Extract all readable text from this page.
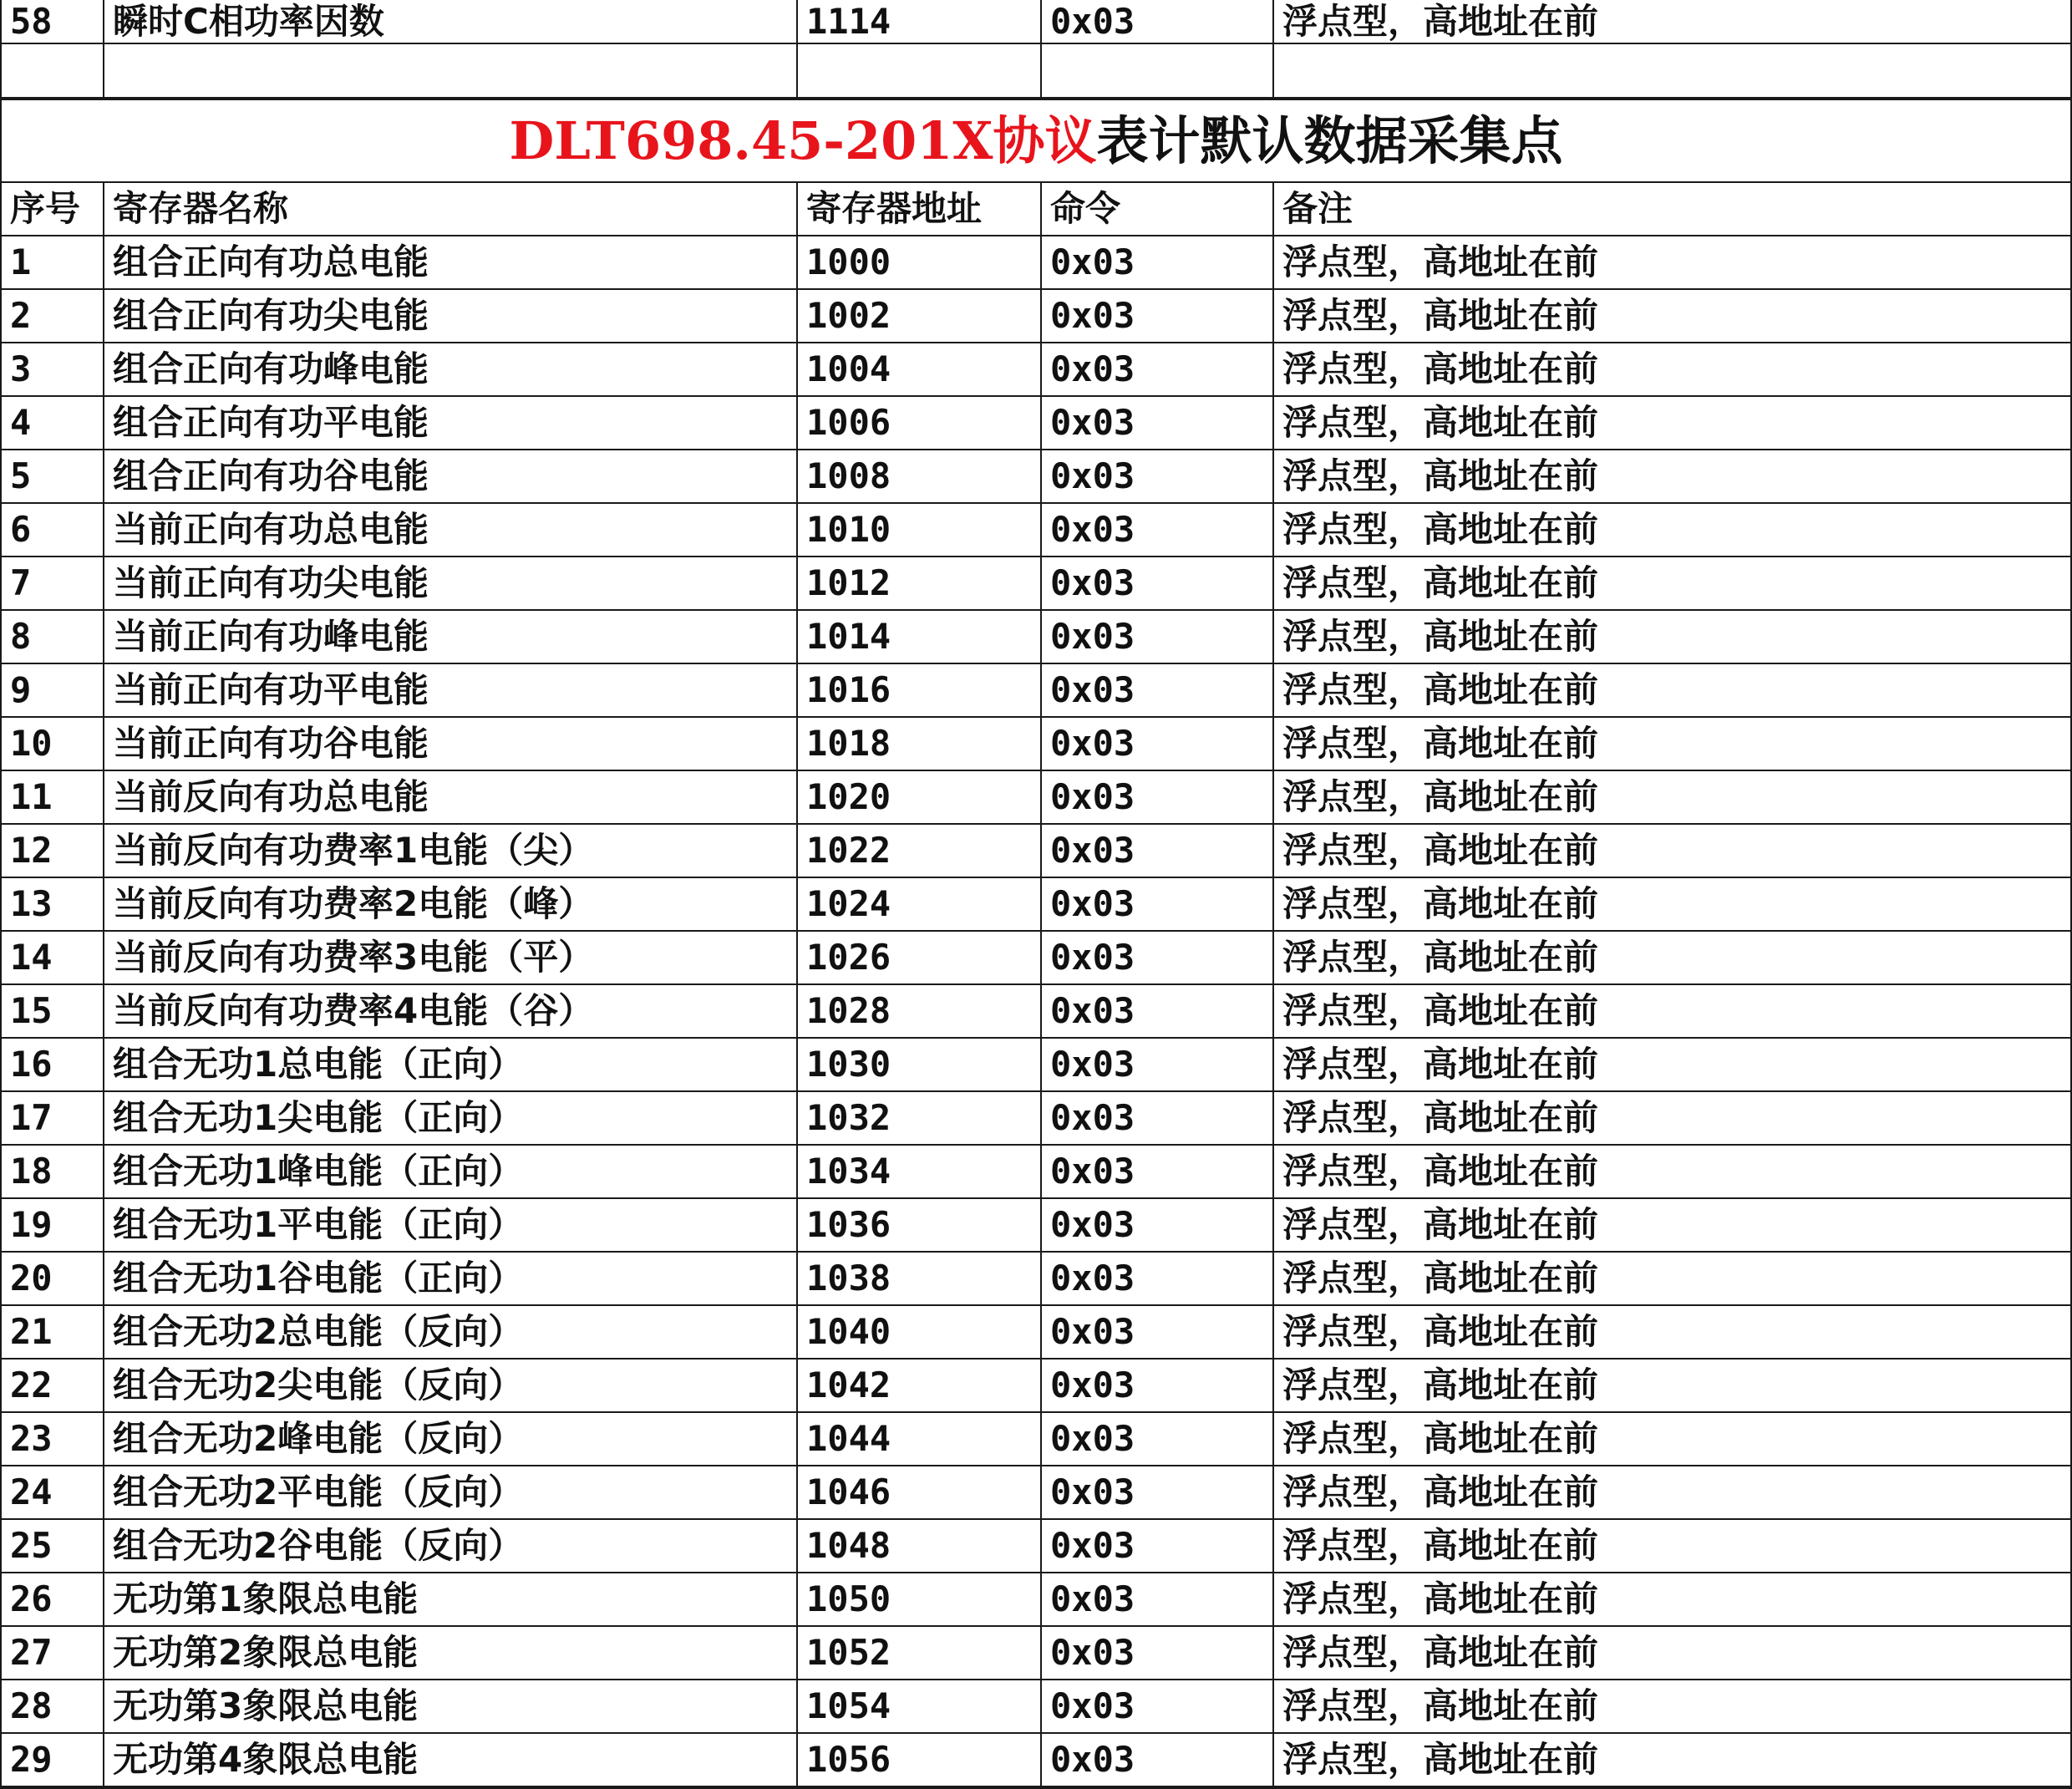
58	瞬时C相功率因数	1114	0x03	浮点型，高地址在前

DLT698.45-201X协议表计默认数据采集点				
序号	寄存器名称	寄存器地址	命令	备注
1	组合正向有功总电能	1000	0x03	浮点型，高地址在前
2	组合正向有功尖电能	1002	0x03	浮点型，高地址在前
3	组合正向有功峰电能	1004	0x03	浮点型，高地址在前
4	组合正向有功平电能	1006	0x03	浮点型，高地址在前
5	组合正向有功谷电能	1008	0x03	浮点型，高地址在前
6	当前正向有功总电能	1010	0x03	浮点型，高地址在前
7	当前正向有功尖电能	1012	0x03	浮点型，高地址在前
8	当前正向有功峰电能	1014	0x03	浮点型，高地址在前
9	当前正向有功平电能	1016	0x03	浮点型，高地址在前
10	当前正向有功谷电能	1018	0x03	浮点型，高地址在前
11	当前反向有功总电能	1020	0x03	浮点型，高地址在前
12	当前反向有功费率1电能（尖）	1022	0x03	浮点型，高地址在前
13	当前反向有功费率2电能（峰）	1024	0x03	浮点型，高地址在前
14	当前反向有功费率3电能（平）	1026	0x03	浮点型，高地址在前
15	当前反向有功费率4电能（谷）	1028	0x03	浮点型，高地址在前
16	组合无功1总电能（正向）	1030	0x03	浮点型，高地址在前
17	组合无功1尖电能（正向）	1032	0x03	浮点型，高地址在前
18	组合无功1峰电能（正向）	1034	0x03	浮点型，高地址在前
19	组合无功1平电能（正向）	1036	0x03	浮点型，高地址在前
20	组合无功1谷电能（正向）	1038	0x03	浮点型，高地址在前
21	组合无功2总电能（反向）	1040	0x03	浮点型，高地址在前
22	组合无功2尖电能（反向）	1042	0x03	浮点型，高地址在前
23	组合无功2峰电能（反向）	1044	0x03	浮点型，高地址在前
24	组合无功2平电能（反向）	1046	0x03	浮点型，高地址在前
25	组合无功2谷电能（反向）	1048	0x03	浮点型，高地址在前
26	无功第1象限总电能	1050	0x03	浮点型，高地址在前
27	无功第2象限总电能	1052	0x03	浮点型，高地址在前
28	无功第3象限总电能	1054	0x03	浮点型，高地址在前
29	无功第4象限总电能	1056	0x03	浮点型，高地址在前
